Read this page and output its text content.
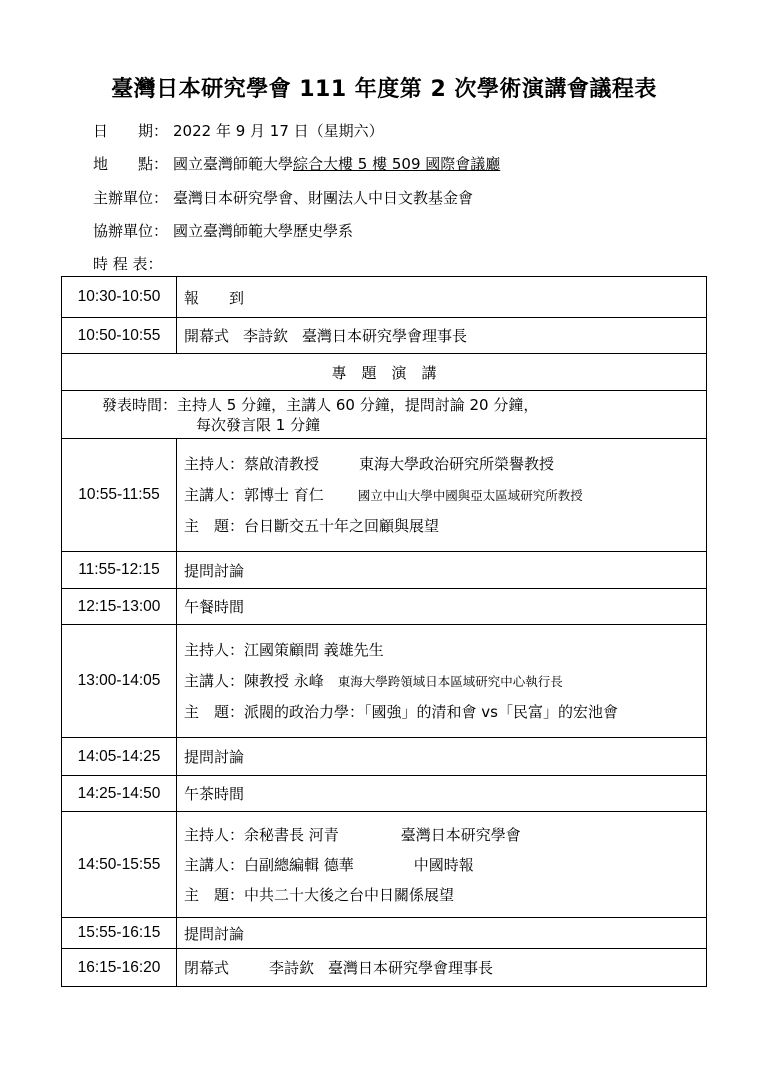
臺灣日本研究學會 111 年度第 2 次學術演講會議程表
日　　期： 2022 年 9 月 17 日（星期六）
地　　點： 國立臺灣師範大學綜合大樓 5 樓 509 國際會議廳
主辦單位： 臺灣日本研究學會、財團法人中日文教基金會
協辦單位： 國立臺灣師範大學歷史學系
時 程 表：
10:30-10:50	報　　到
10:50-10:55	開幕式 李詩欽 臺灣日本研究學會理事長
專　題　演　講	

發表時間：主持人 5 分鐘，主講人 60 分鐘，提問討論 20 分鐘，
每次發言限 1 分鐘	

10:55-11:55	主持人：蔡啟清教授 東海大學政治研究所榮譽教授
主講人：郭博士 育仁 國立中山大學中國與亞太區域研究所教授
主　題：台日斷交五十年之回顧與展望

11:55-12:15	提問討論
12:15-13:00	午餐時間
13:00-14:05	主持人：江國策顧問 義雄先生
主講人：陳教授 永峰 東海大學跨領域日本區域研究中心執行長
主　題：派閥的政治力學：「國強」的清和會 vs「民富」的宏池會

14:05-14:25	提問討論
14:25-14:50	午茶時間
14:50-15:55	主持人：余秘書長 河青 臺灣日本研究學會
主講人：白副總編輯 德華 中國時報
主　題：中共二十大後之台中日關係展望

15:55-16:15	提問討論
16:15-16:20	閉幕式 李詩欽 臺灣日本研究學會理事長
